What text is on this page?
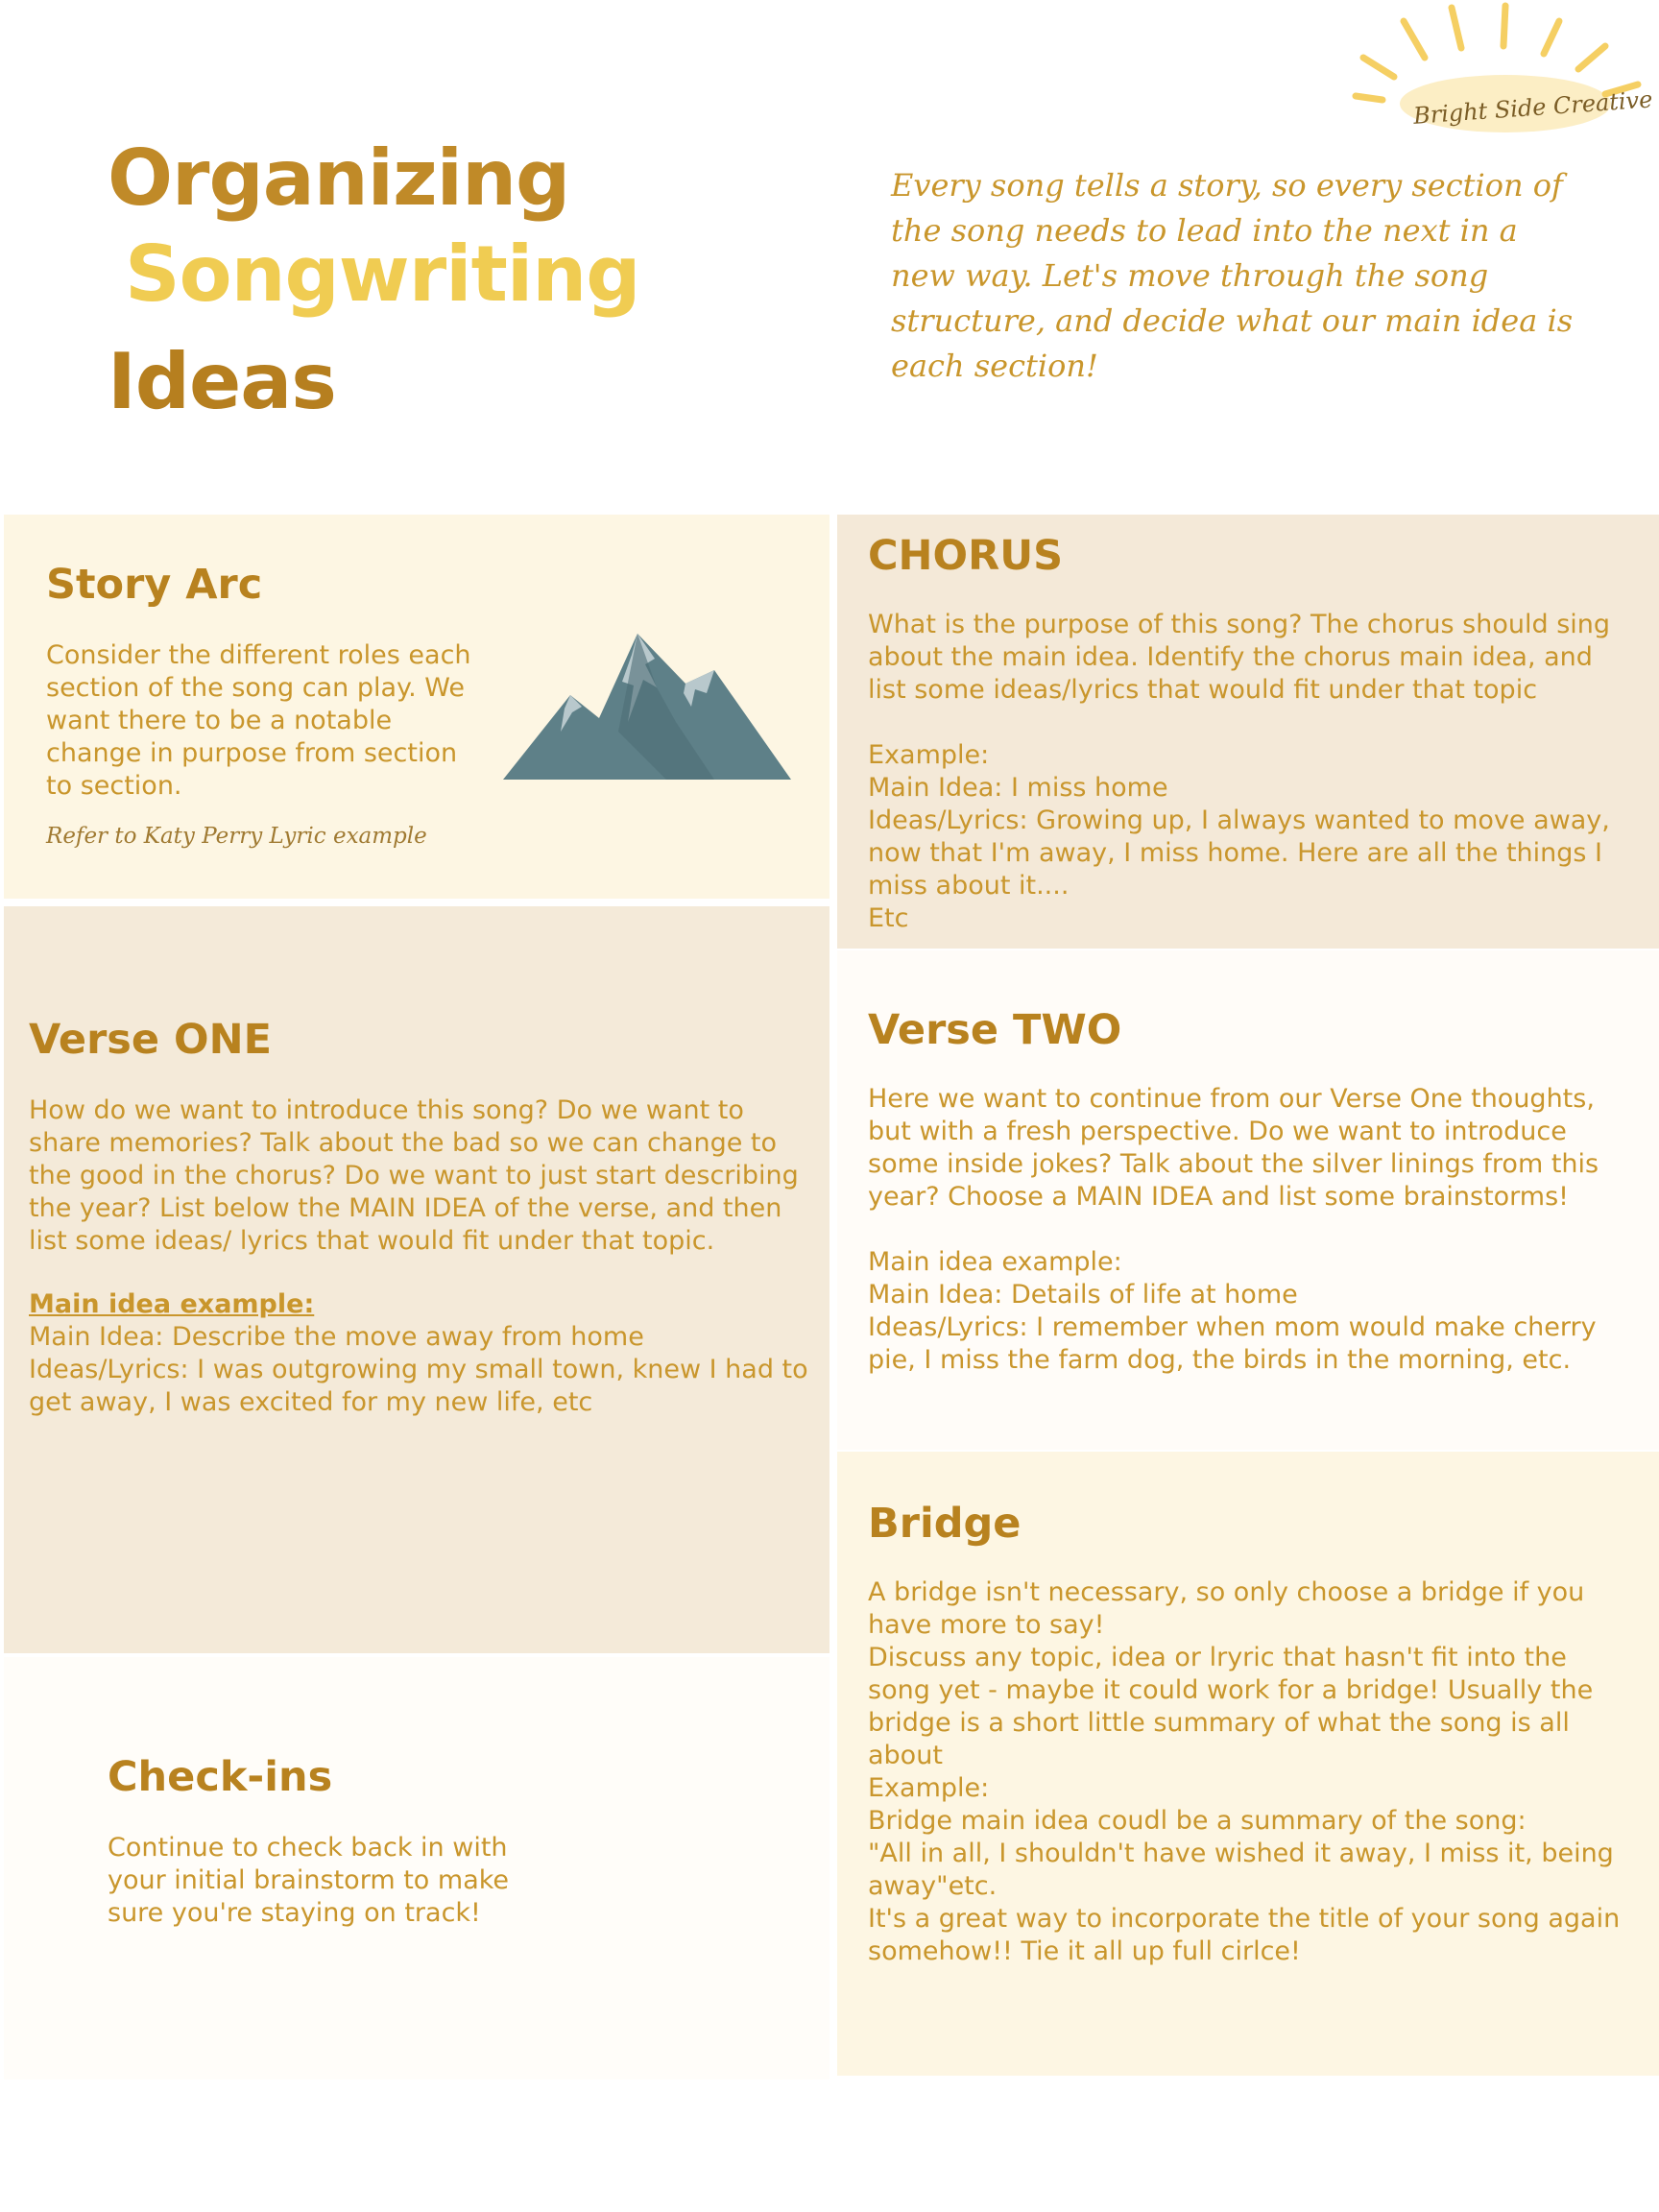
Organizing
Songwriting
Ideas
Every song tells a story, so every section of the song needs to lead into the next in a new way. Let's move through the song structure, and decide what our main idea is each section!
Bright Side Creative
Story Arc
Consider the different roles each section of the song can play. We want there to be a notable change in purpose from section to section.
Refer to Katy Perry Lyric example
CHORUS
What is the purpose of this song? The chorus should sing about the main idea. Identify the chorus main idea, and list some ideas/lyrics that would fit under that topic
Example:
Main Idea: I miss home
Ideas/Lyrics: Growing up, I always wanted to move away, now that I'm away, I miss home. Here are all the things I miss about it....
Etc
Verse ONE
How do we want to introduce this song? Do we want to share memories? Talk about the bad so we can change to the good in the chorus? Do we want to just start describing the year? List below the MAIN IDEA of the verse, and then list some ideas/ lyrics that would fit under that topic.
Main idea example:
Main Idea: Describe the move away from home
Ideas/Lyrics: I was outgrowing my small town, knew I had to get away, I was excited for my new life, etc
Verse TWO
Here we want to continue from our Verse One thoughts, but with a fresh perspective. Do we want to introduce some inside jokes? Talk about the silver linings from this year? Choose a MAIN IDEA and list some brainstorms!
Main idea example:
Main Idea: Details of life at home
Ideas/Lyrics: I remember when mom would make cherry pie, I miss the farm dog, the birds in the morning, etc.
Bridge
A bridge isn't necessary, so only choose a bridge if you have more to say!
Discuss any topic, idea or lryric that hasn't fit into the song yet - maybe it could work for a bridge! Usually the bridge is a short little summary of what the song is all about
Example:
Bridge main idea coudl be a summary of the song:
"All in all, I shouldn't have wished it away, I miss it, being away"etc.
It's a great way to incorporate the title of your song again somehow!! Tie it all up full cirlce!
Check-ins
Continue to check back in with your initial brainstorm to make sure you're staying on track!
